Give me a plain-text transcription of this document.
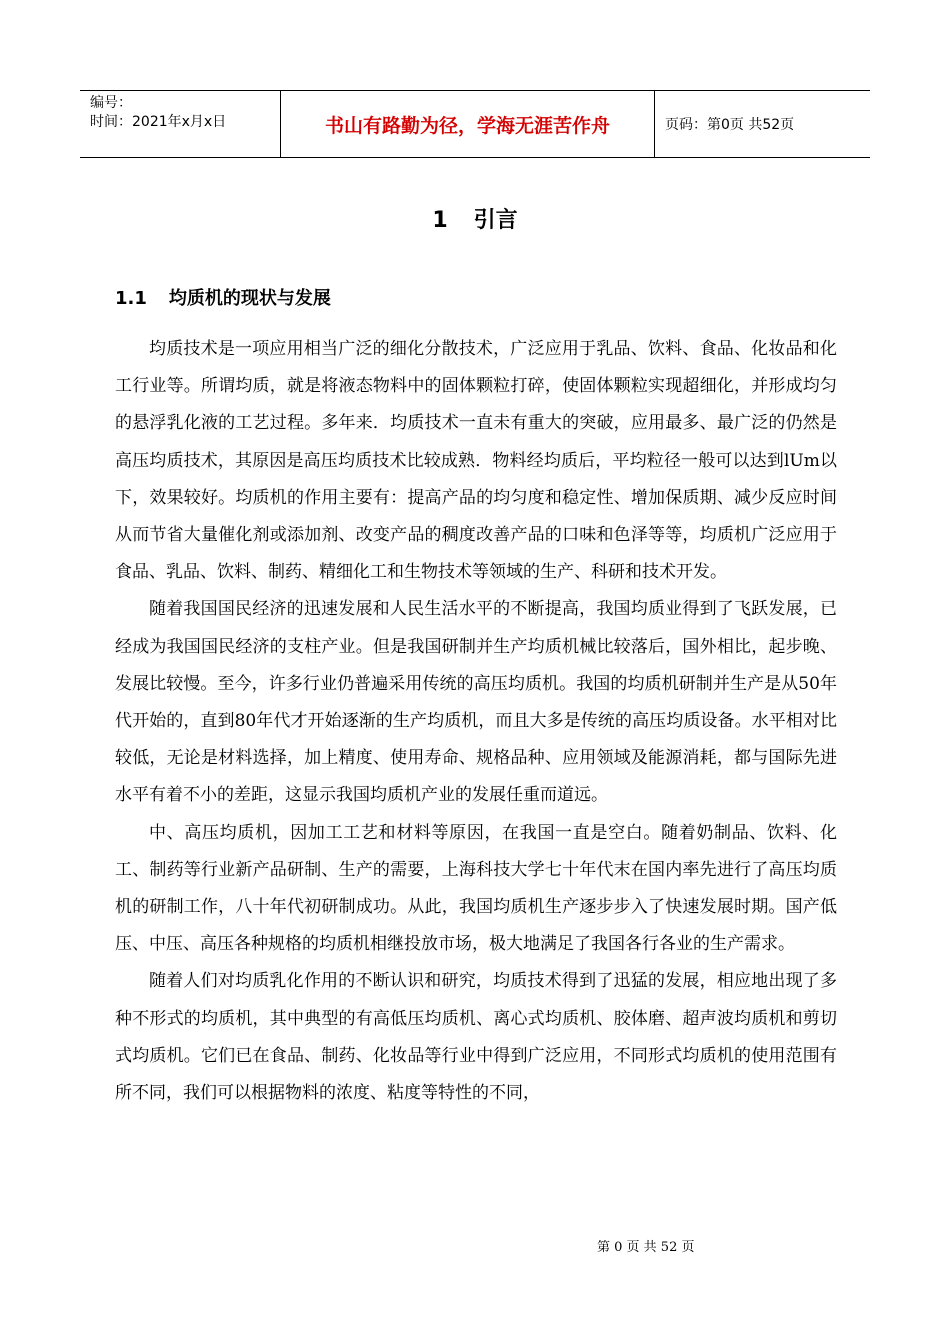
编号：
时间：2021年x月x日	书山有路勤为径，学海无涯苦作舟	页码：第0页 共52页
1 引言
1.1 均质机的现状与发展

均质技术是一项应用相当广泛的细化分散技术，广泛应用于乳品、饮料、食品、化妆品和化工行业等。所谓均质，就是将液态物料中的固体颗粒打碎，使固体颗粒实现超细化，并形成均匀的悬浮乳化液的工艺过程。多年来．均质技术一直未有重大的突破，应用最多、最广泛的仍然是高压均质技术，其原因是高压均质技术比较成熟．物料经均质后，平均粒径一般可以达到lUm以下，效果较好。均质机的作用主要有：提高产品的均匀度和稳定性、增加保质期、减少反应时间从而节省大量催化剂或添加剂、改变产品的稠度改善产品的口味和色泽等等，均质机广泛应用于食品、乳品、饮料、制药、精细化工和生物技术等领域的生产、科研和技术开发。

随着我国国民经济的迅速发展和人民生活水平的不断提高，我国均质业得到了飞跃发展，已经成为我国国民经济的支柱产业。但是我国研制并生产均质机械比较落后，国外相比，起步晚、发展比较慢。至今，许多行业仍普遍采用传统的高压均质机。我国的均质机研制并生产是从50年代开始的，直到80年代才开始逐渐的生产均质机，而且大多是传统的高压均质设备。水平相对比较低，无论是材料选择，加上精度、使用寿命、规格品种、应用领域及能源消耗，都与国际先进水平有着不小的差距，这显示我国均质机产业的发展任重而道远。

中、高压均质机，因加工工艺和材料等原因，在我国一直是空白。随着奶制品、饮料、化工、制药等行业新产品研制、生产的需要，上海科技大学七十年代末在国内率先进行了高压均质机的研制工作，八十年代初研制成功。从此，我国均质机生产逐步步入了快速发展时期。国产低压、中压、高压各种规格的均质机相继投放市场，极大地满足了我国各行各业的生产需求。

随着人们对均质乳化作用的不断认识和研究，均质技术得到了迅猛的发展，相应地出现了多种不形式的均质机，其中典型的有高低压均质机、离心式均质机、胶体磨、超声波均质机和剪切式均质机。它们已在食品、制药、化妆品等行业中得到广泛应用，不同形式均质机的使用范围有所不同，我们可以根据物料的浓度、粘度等特性的不同，

第 0 页 共 52 页
